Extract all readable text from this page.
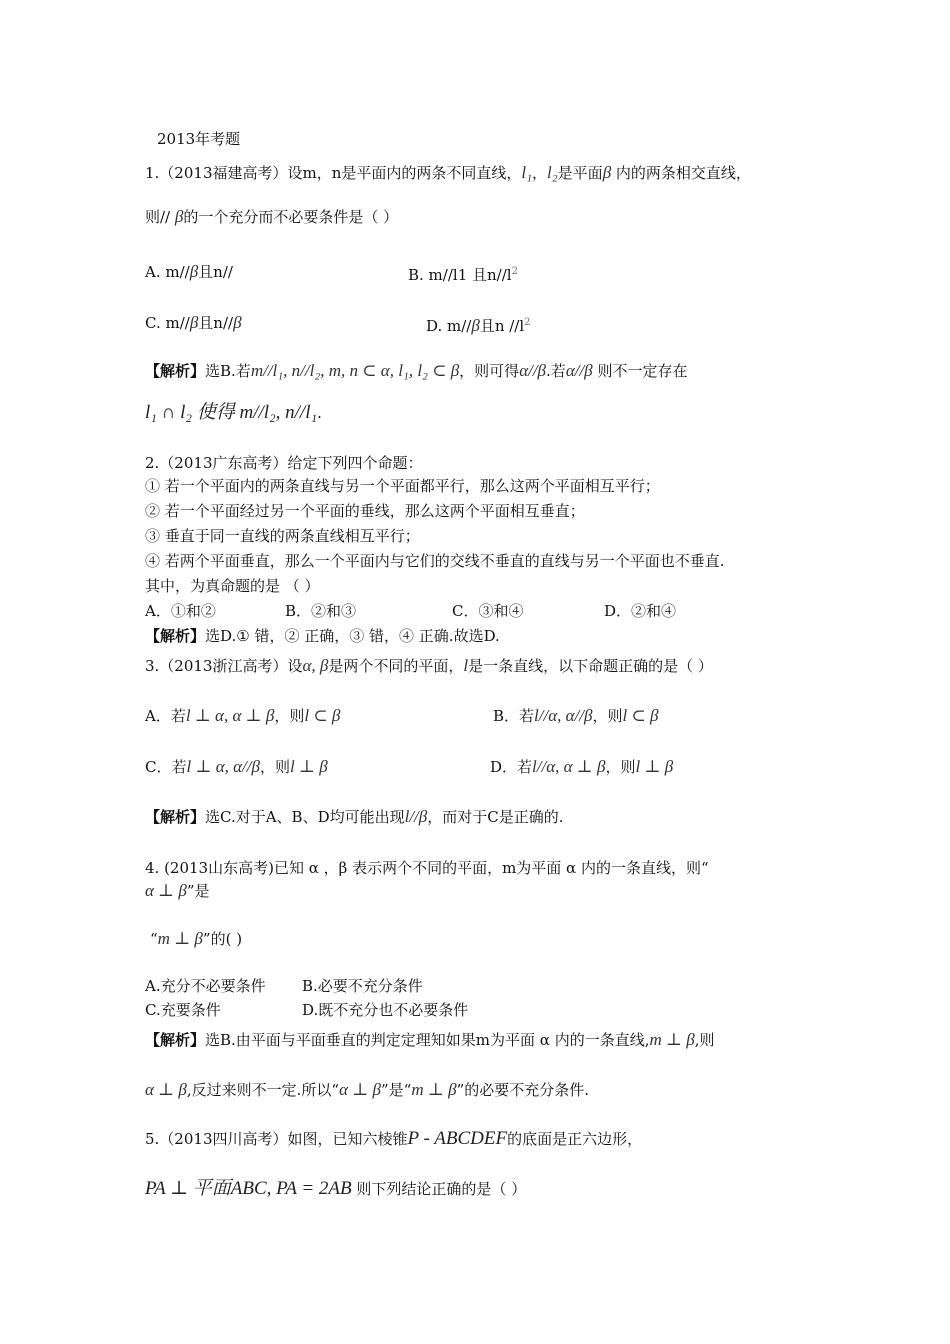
2013年考题
1.（2013福建高考）设m，n是平面内的两条不同直线，l₁，l₂是平面β 内的两条相交直线，
则// β的一个充分而不必要条件是（ ）
A. m//β且n//	B. m//l1 且$n//l^2$
C. m//β且n//β	D. m//β且n $//l^2$
【解析】选B.若m//l₁, n//l₂, m, n ⊂ α, l₁, l₂ ⊂ β，则可得α//β.若α//β 则不一定存在
l₁ ∩ l₂ 使得 m//l₂, n//l₁.
2.（2013广东高考）给定下列四个命题：
① 若一个平面内的两条直线与另一个平面都平行，那么这两个平面相互平行；
② 若一个平面经过另一个平面的垂线，那么这两个平面相互垂直；
③ 垂直于同一直线的两条直线相互平行；
④ 若两个平面垂直，那么一个平面内与它们的交线不垂直的直线与另一个平面也不垂直.
其中，为真命题的是 （ ）
A．①和②	B．②和③	C．③和④	D．②和④
【解析】选D.① 错，② 正确，③ 错，④ 正确.故选D.
3.（2013浙江高考）设α, β是两个不同的平面，l是一条直线，以下命题正确的是（ ）
A．若l ⊥ α, α ⊥ β，则l ⊂ β	B．若l//α, α//β，则l ⊂ β
C．若l ⊥ α, α//β，则l ⊥ β	D．若l//α, α ⊥ β，则l ⊥ β
【解析】选C.对于A、B、D均可能出现l//β，而对于C是正确的.
4. (2013山东高考)已知 α ，β 表示两个不同的平面，m为平面 α 内的一条直线，则“
α ⊥ β”是
“m ⊥ β”的( )
A.充分不必要条件 B.必要不充分条件
C.充要条件	D.既不充分也不必要条件
【解析】选B.由平面与平面垂直的判定定理知如果m为平面 α 内的一条直线,m ⊥ β,则
α ⊥ β,反过来则不一定.所以“α ⊥ β”是“m ⊥ β”的必要不充分条件.
5.（2013四川高考）如图，已知六棱锥P - ABCDEF的底面是正六边形，
PA ⊥ 平面ABC, PA = 2AB 则下列结论正确的是（ ）
